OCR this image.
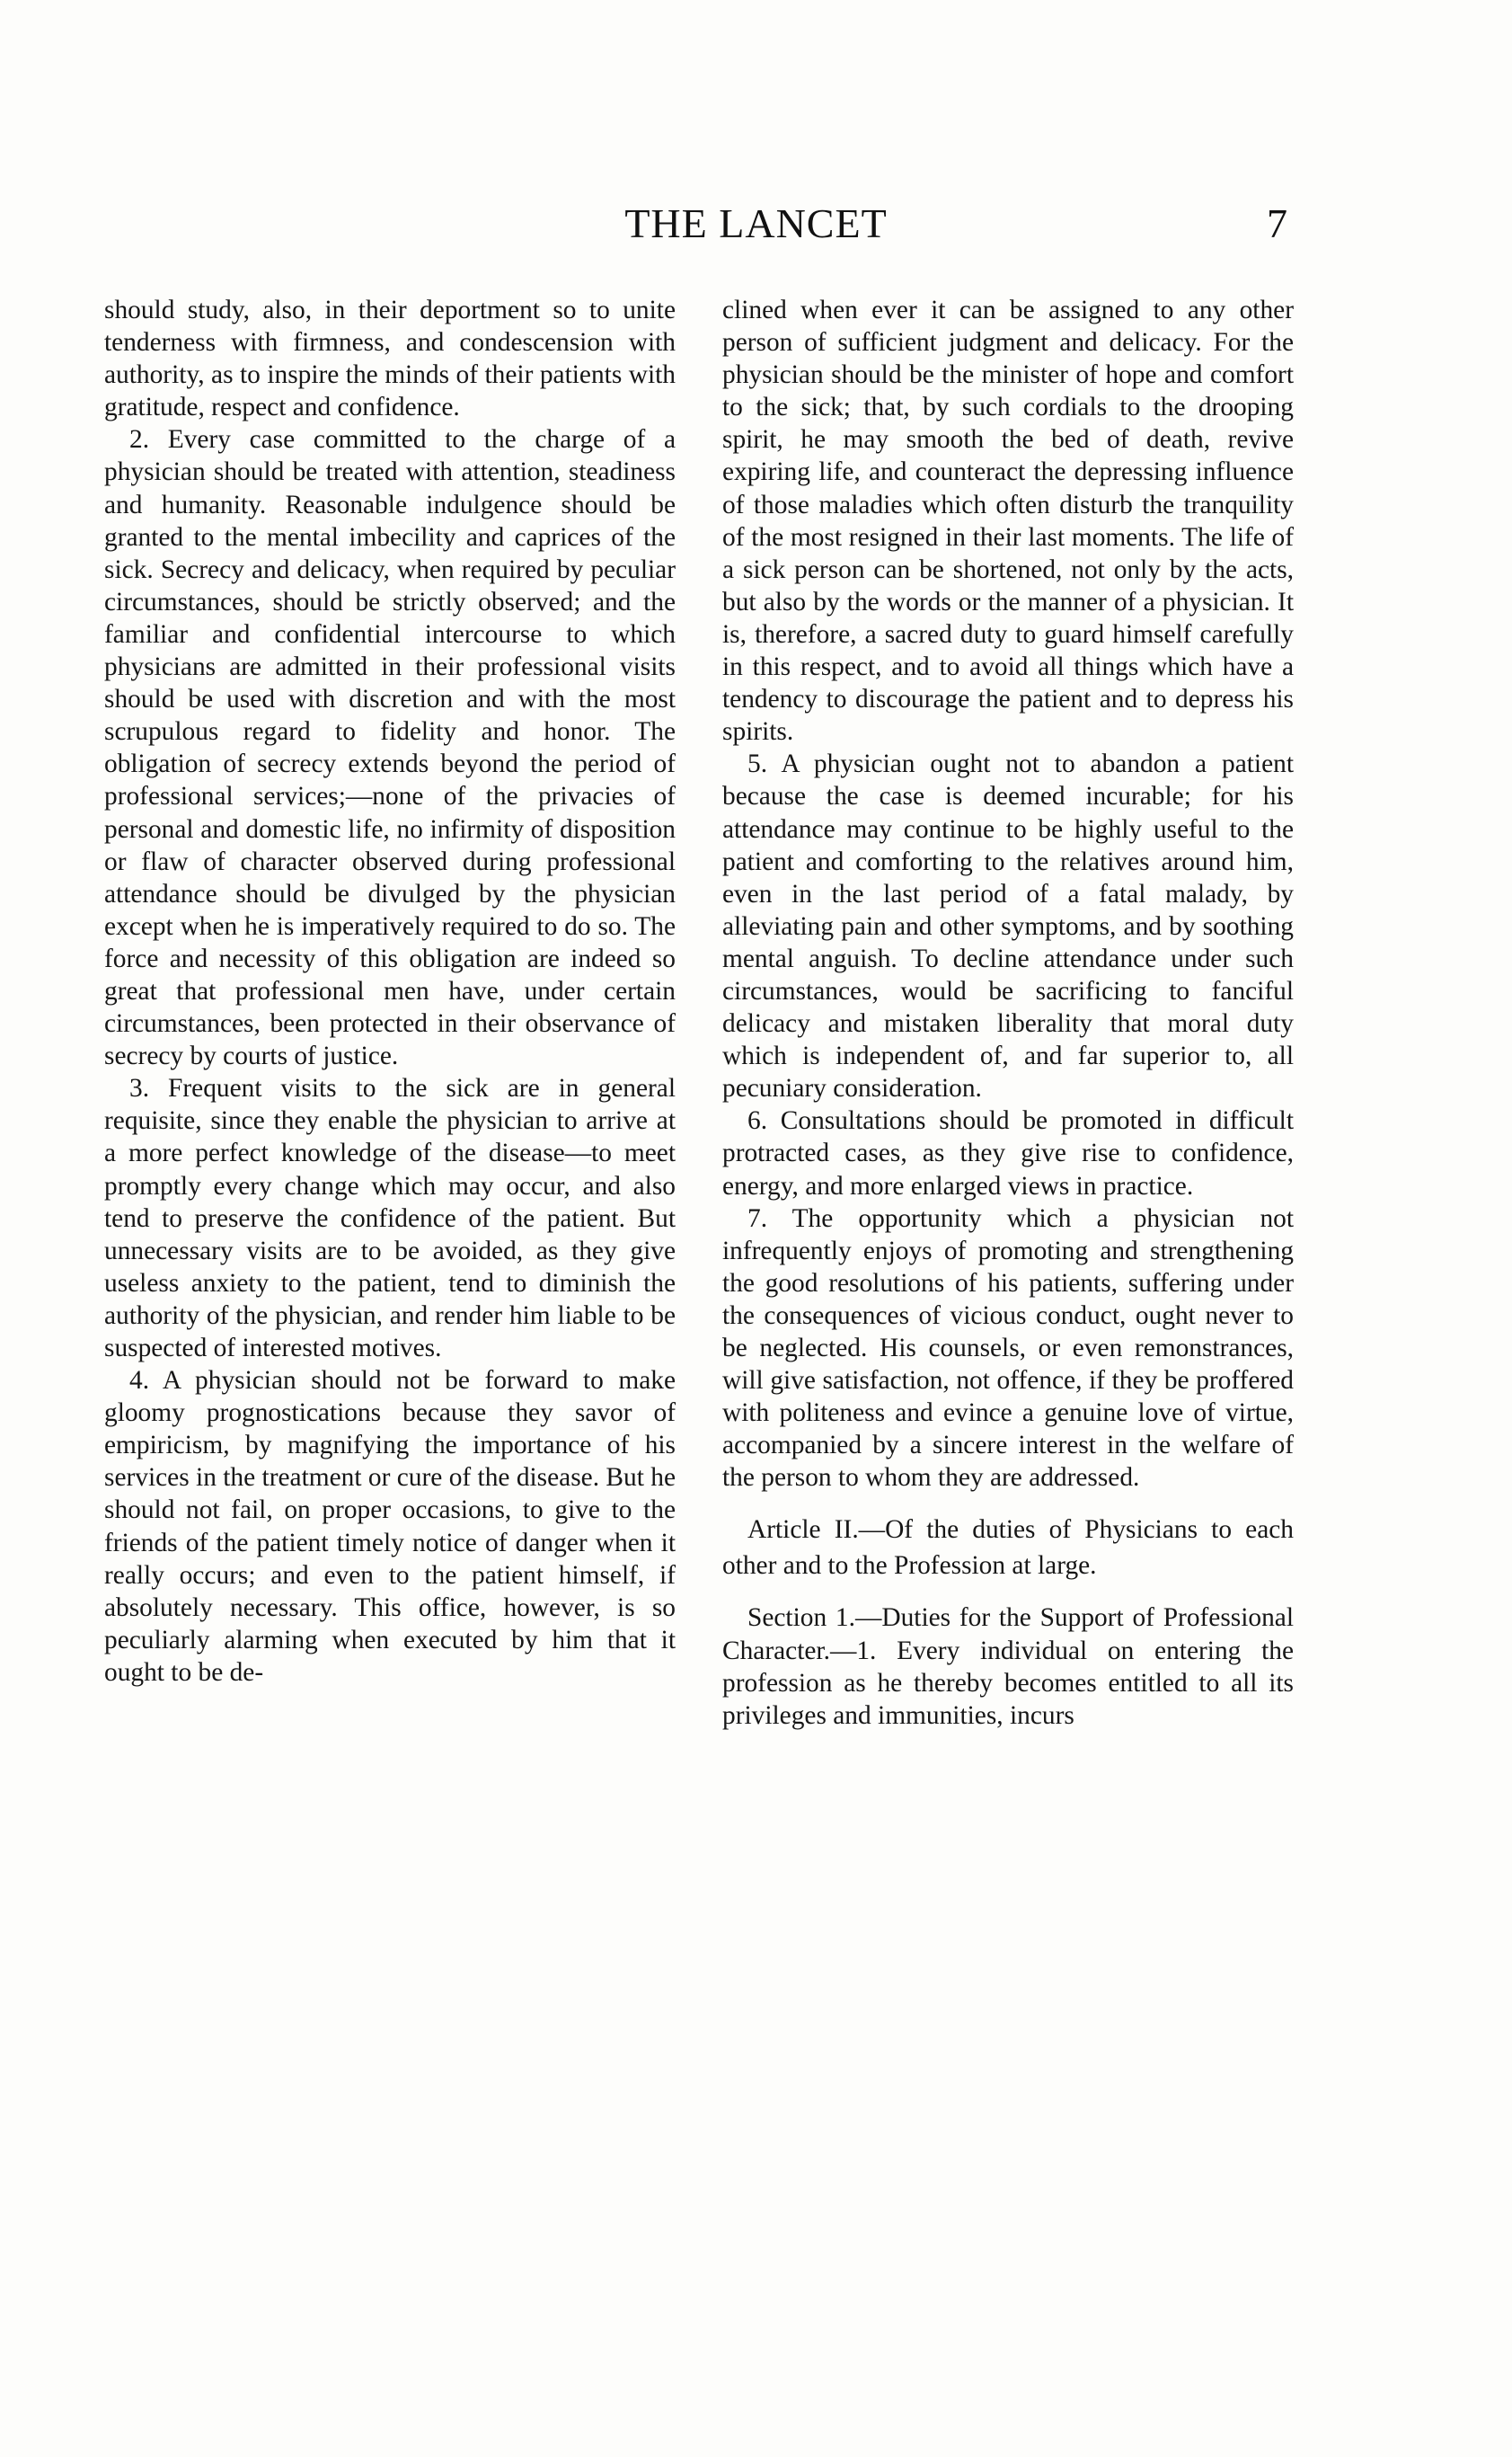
THE LANCET	7

should study, also, in their deportment so to unite tenderness with firmness, and condescension with authority, as to inspire the minds of their patients with gratitude, respect and confidence.

2. Every case committed to the charge of a physician should be treated with attention, steadiness and humanity. Reasonable indulgence should be granted to the mental imbecility and caprices of the sick. Secrecy and delicacy, when required by peculiar circumstances, should be strictly observed; and the familiar and confidential intercourse to which physicians are admitted in their professional visits should be used with discretion and with the most scrupulous regard to fidelity and honor. The obligation of secrecy extends beyond the period of professional services;—none of the privacies of personal and domestic life, no infirmity of disposition or flaw of character observed during professional attendance should be divulged by the physician except when he is imperatively required to do so. The force and necessity of this obligation are indeed so great that professional men have, under certain circumstances, been protected in their observance of secrecy by courts of justice.

3. Frequent visits to the sick are in general requisite, since they enable the physician to arrive at a more perfect knowledge of the disease—to meet promptly every change which may occur, and also tend to preserve the confidence of the patient. But unnecessary visits are to be avoided, as they give useless anxiety to the patient, tend to diminish the authority of the physician, and render him liable to be suspected of interested motives.

4. A physician should not be forward to make gloomy prognostications because they savor of empiricism, by magnifying the importance of his services in the treatment or cure of the disease. But he should not fail, on proper occasions, to give to the friends of the patient timely notice of danger when it really occurs; and even to the patient himself, if absolutely necessary. This office, however, is so peculiarly alarming when executed by him that it ought to be de-

clined when ever it can be assigned to any other person of sufficient judgment and delicacy. For the physician should be the minister of hope and comfort to the sick; that, by such cordials to the drooping spirit, he may smooth the bed of death, revive expiring life, and counteract the depressing influence of those maladies which often disturb the tranquility of the most resigned in their last moments. The life of a sick person can be shortened, not only by the acts, but also by the words or the manner of a physician. It is, therefore, a sacred duty to guard himself carefully in this respect, and to avoid all things which have a tendency to discourage the patient and to depress his spirits.

5. A physician ought not to abandon a patient because the case is deemed incurable; for his attendance may continue to be highly useful to the patient and comforting to the relatives around him, even in the last period of a fatal malady, by alleviating pain and other symptoms, and by soothing mental anguish. To decline attendance under such circumstances, would be sacrificing to fanciful delicacy and mistaken liberality that moral duty which is independent of, and far superior to, all pecuniary consideration.

6. Consultations should be promoted in difficult protracted cases, as they give rise to confidence, energy, and more enlarged views in practice.

7. The opportunity which a physician not infrequently enjoys of promoting and strengthening the good resolutions of his patients, suffering under the consequences of vicious conduct, ought never to be neglected. His counsels, or even remonstrances, will give satisfaction, not offence, if they be proffered with politeness and evince a genuine love of virtue, accompanied by a sincere interest in the welfare of the person to whom they are addressed.

Article II.—Of the duties of Physicians to each other and to the Profession at large.

Section 1.—Duties for the Support of Professional Character.—1. Every individual on entering the profession as he thereby becomes entitled to all its privileges and immunities, incurs
